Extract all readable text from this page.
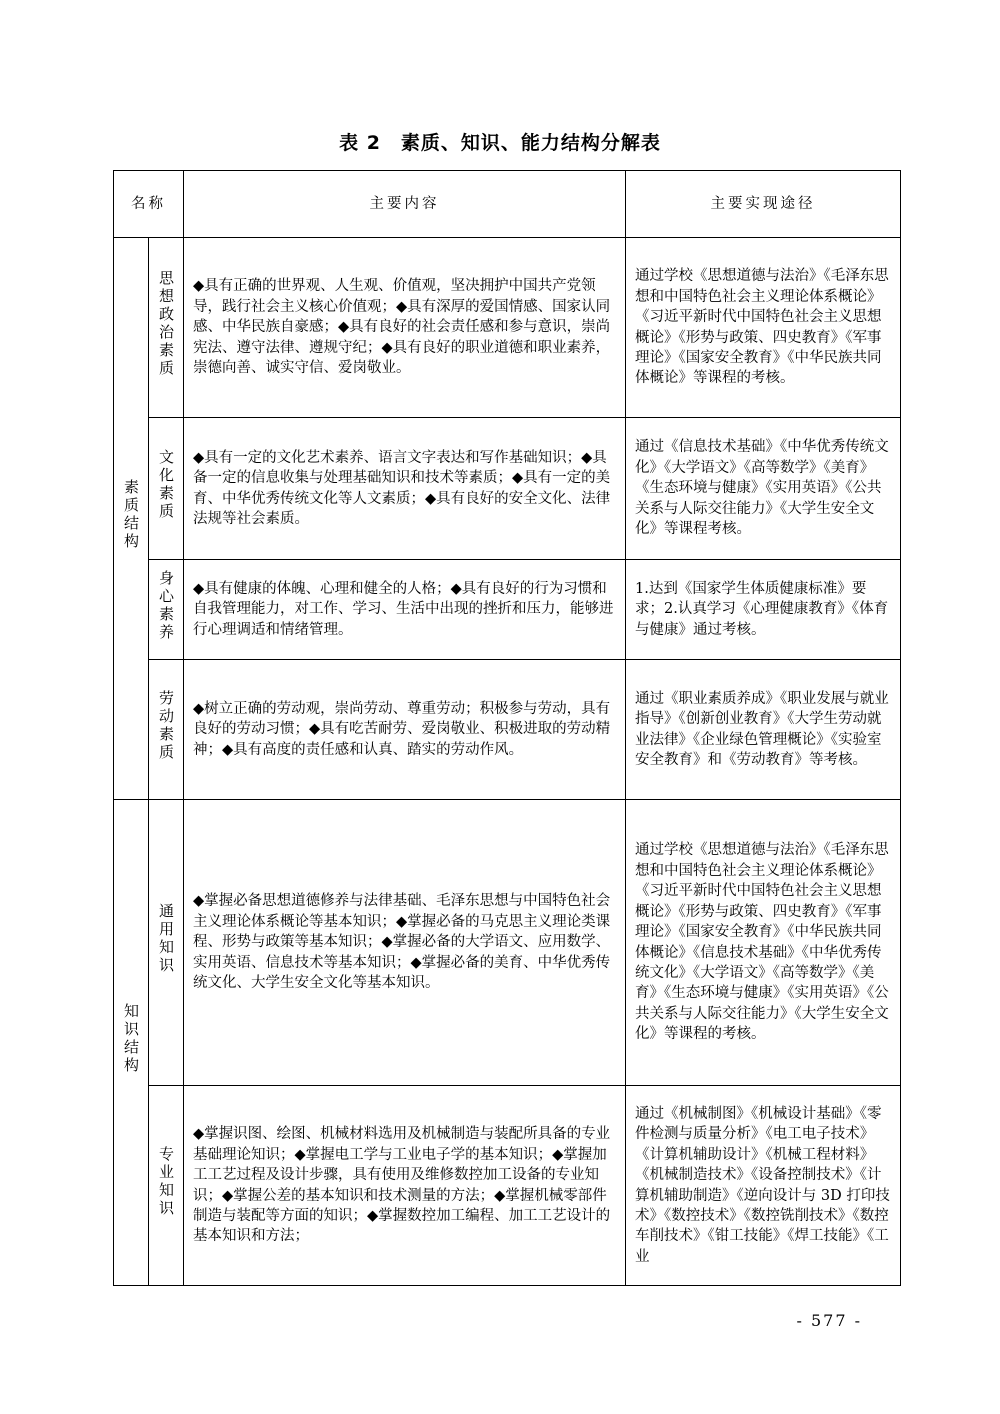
表 2　素质、知识、能力结构分解表
名称		主要内容	主要实现途径
素质结构	思想政治素质	◆具有正确的世界观、人生观、价值观，坚决拥护中国共产党领导，践行社会主义核心价值观；◆具有深厚的爱国情感、国家认同感、中华民族自豪感；◆具有良好的社会责任感和参与意识，崇尚宪法、遵守法律、遵规守纪；◆具有良好的职业道德和职业素养，崇德向善、诚实守信、爱岗敬业。	通过学校《思想道德与法治》《毛泽东思想和中国特色社会主义理论体系概论》《习近平新时代中国特色社会主义思想概论》《形势与政策、四史教育》《军事理论》《国家安全教育》《中华民族共同体概论》等课程的考核。
	文化素质	◆具有一定的文化艺术素养、语言文字表达和写作基础知识；◆具备一定的信息收集与处理基础知识和技术等素质；◆具有一定的美育、中华优秀传统文化等人文素质；◆具有良好的安全文化、法律法规等社会素质。	通过《信息技术基础》《中华优秀传统文化》《大学语文》《高等数学》《美育》《生态环境与健康》《实用英语》《公共关系与人际交往能力》《大学生安全文化》等课程考核。
	身心素养	◆具有健康的体魄、心理和健全的人格；◆具有良好的行为习惯和自我管理能力，对工作、学习、生活中出现的挫折和压力，能够进行心理调适和情绪管理。	1.达到《国家学生体质健康标准》要求；2.认真学习《心理健康教育》《体育与健康》通过考核。
	劳动素质	◆树立正确的劳动观，崇尚劳动、尊重劳动；积极参与劳动，具有良好的劳动习惯；◆具有吃苦耐劳、爱岗敬业、积极进取的劳动精神；◆具有高度的责任感和认真、踏实的劳动作风。	通过《职业素质养成》《职业发展与就业指导》《创新创业教育》《大学生劳动就业法律》《企业绿色管理概论》《实验室安全教育》和《劳动教育》等考核。
知识结构	通用知识	◆掌握必备思想道德修养与法律基础、毛泽东思想与中国特色社会主义理论体系概论等基本知识；◆掌握必备的马克思主义理论类课程、形势与政策等基本知识；◆掌握必备的大学语文、应用数学、实用英语、信息技术等基本知识；◆掌握必备的美育、中华优秀传统文化、大学生安全文化等基本知识。	通过学校《思想道德与法治》《毛泽东思想和中国特色社会主义理论体系概论》《习近平新时代中国特色社会主义思想概论》《形势与政策、四史教育》《军事理论》《国家安全教育》《中华民族共同体概论》《信息技术基础》《中华优秀传统文化》《大学语文》《高等数学》《美育》《生态环境与健康》《实用英语》《公共关系与人际交往能力》《大学生安全文化》等课程的考核。
	专业知识	◆掌握识图、绘图、机械材料选用及机械制造与装配所具备的专业基础理论知识；◆掌握电工学与工业电子学的基本知识；◆掌握加工工艺过程及设计步骤，具有使用及维修数控加工设备的专业知识；◆掌握公差的基本知识和技术测量的方法；◆掌握机械零部件制造与装配等方面的知识；◆掌握数控加工编程、加工工艺设计的基本知识和方法；	通过《机械制图》《机械设计基础》《零件检测与质量分析》《电工电子技术》《计算机辅助设计》《机械工程材料》《机械制造技术》《设备控制技术》《计算机辅助制造》《逆向设计与 3D 打印技术》《数控技术》《数控铣削技术》《数控车削技术》《钳工技能》《焊工技能》《工业
- 577 -
